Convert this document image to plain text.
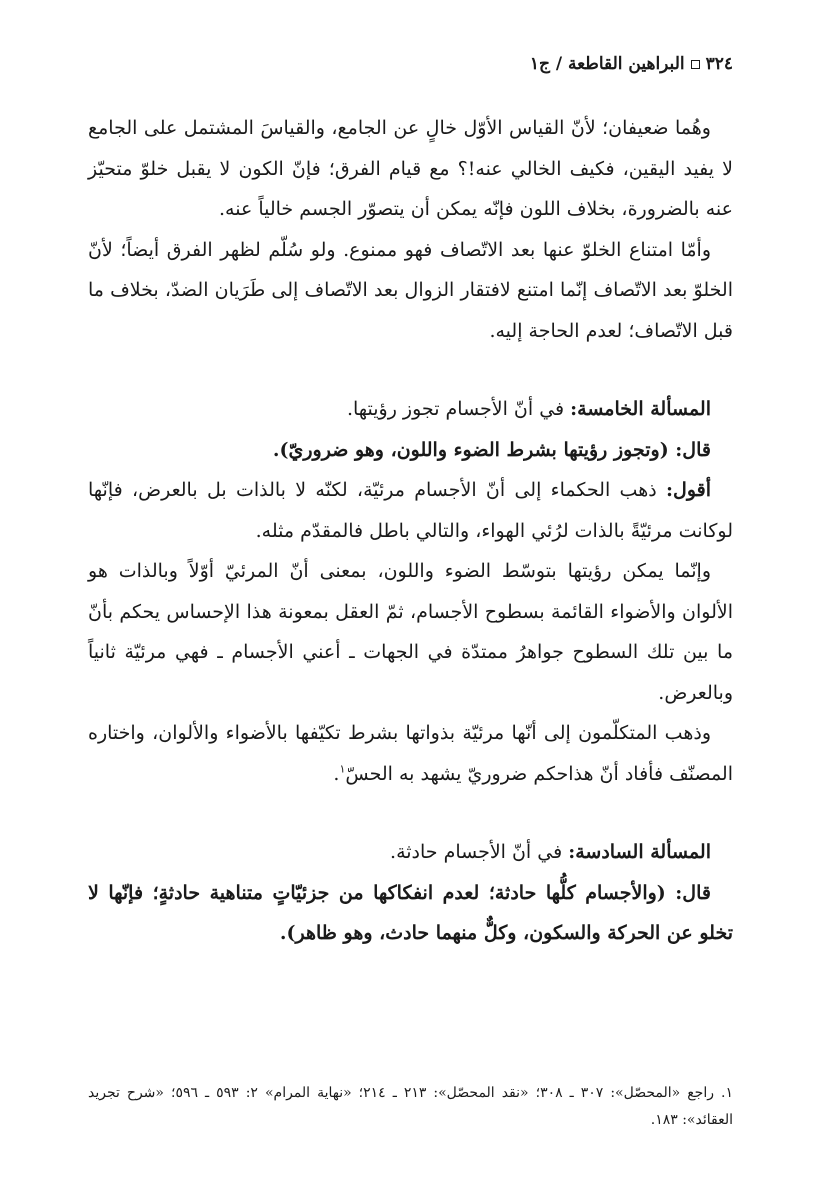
٣٢٤
البراهين القاطعة / ج١

وهُما ضعيفان؛ لأنّ القياس الأوّل خالٍ عن الجامع، والقياسَ المشتمل على الجامع لا يفيد اليقين، فكيف الخالي عنه!؟ مع قيام الفرق؛ فإنّ الكون لا يقبل خلوّ متحيّز عنه بالضرورة، بخلاف اللون فإنّه يمكن أن يتصوّر الجسم خالياً عنه.

وأمّا امتناع الخلوّ عنها بعد الاتّصاف فهو ممنوع. ولو سُلّم لظهر الفرق أيضاً؛ لأنّ الخلوّ بعد الاتّصاف إنّما امتنع لافتقار الزوال بعد الاتّصاف إلى طَرَيان الضدّ، بخلاف ما قبل الاتّصاف؛ لعدم الحاجة إليه.

المسألة الخامسة: في أنّ الأجسام تجوز رؤيتها.

قال: (وتجوز رؤيتها بشرط الضوء واللون، وهو ضروريّ).

أقول: ذهب الحكماء إلى أنّ الأجسام مرئيّة، لكنّه لا بالذات بل بالعرض، فإنّها لوكانت مرئيّةً بالذات لرُئي الهواء، والتالي باطل فالمقدّم مثله.

وإنّما يمكن رؤيتها بتوسّط الضوء واللون، بمعنى أنّ المرئيّ أوّلاً وبالذات هو الألوان والأضواء القائمة بسطوح الأجسام، ثمّ العقل بمعونة هذا الإحساس يحكم بأنّ ما بين تلك السطوح جواهرُ ممتدّة في الجهات ـ أعني الأجسام ـ فهي مرئيّة ثانياً وبالعرض.

وذهب المتكلّمون إلى أنّها مرئيّة بذواتها بشرط تكيّفها بالأضواء والألوان، واختاره المصنّف فأفاد أنّ هذاحكم ضروريّ يشهد به الحسّ$^١$.

المسألة السادسة: في أنّ الأجسام حادثة.

قال: (والأجسام كلُّها حادثة؛ لعدم انفكاكها من جزئيّاتٍ متناهية حادثةٍ؛ فإنّها لا تخلو عن الحركة والسكون، وكلٌّ منهما حادث، وهو ظاهر).

١. راجع «المحصّل»: ٣٠٧ ـ ٣٠٨؛ «نقد المحصّل»: ٢١٣ ـ ٢١٤؛ «نهاية المرام» ٢: ٥٩٣ ـ ٥٩٦؛ «شرح تجريد العقائد»: ١٨٣.
